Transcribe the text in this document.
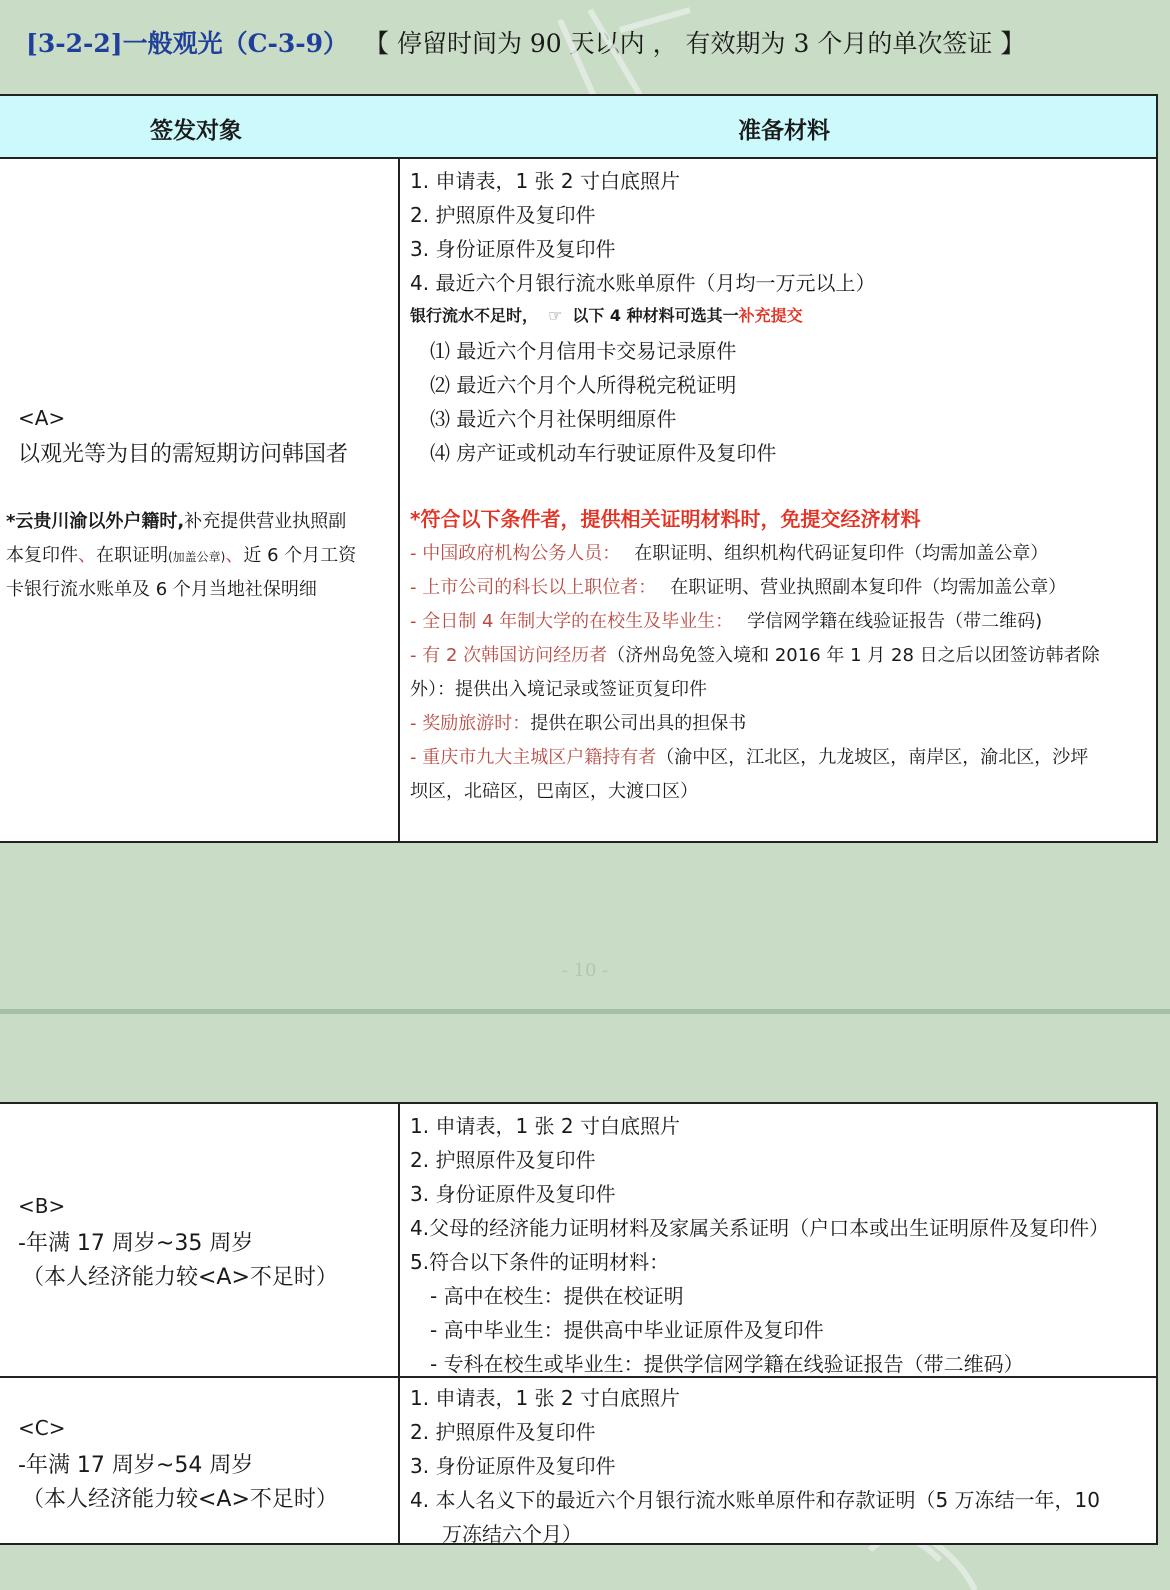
[3-2-2]一般观光（C-3-9） 【 停留时间为 90 天以内 ， 有效期为 3 个月的单次签证 】
签发对象	准备材料
<A>
以观光等为目的需短期访问韩国者
*云贵川渝以外户籍时,补充提供营业执照副
本复印件、在职证明(加盖公章)、近 6 个月工资
卡银行流水账单及 6 个月当地社保明细
1. 申请表，1 张 2 寸白底照片
2. 护照原件及复印件
3. 身份证原件及复印件
4. 最近六个月银行流水账单原件（月均一万元以上）
银行流水不足时， ☞ 以下 4 种材料可选其一补充提交
⑴ 最近六个月信用卡交易记录原件
⑵ 最近六个月个人所得税完税证明
⑶ 最近六个月社保明细原件
⑷ 房产证或机动车行驶证原件及复印件
*符合以下条件者，提供相关证明材料时，免提交经济材料
- 中国政府机构公务人员： 在职证明、组织机构代码证复印件（均需加盖公章）
- 上市公司的科长以上职位者： 在职证明、营业执照副本复印件（均需加盖公章）
- 全日制 4 年制大学的在校生及毕业生： 学信网学籍在线验证报告（带二维码)
- 有 2 次韩国访问经历者（济州岛免签入境和 2016 年 1 月 28 日之后以团签访韩者除
外）：提供出入境记录或签证页复印件
- 奖励旅游时：提供在职公司出具的担保书
- 重庆市九大主城区户籍持有者（渝中区，江北区，九龙坡区，南岸区，渝北区，沙坪
坝区，北碚区，巴南区，大渡口区）
- 10 -
<B>
-年满 17 周岁~35 周岁
（本人经济能力较<A>不足时）
1. 申请表，1 张 2 寸白底照片
2. 护照原件及复印件
3. 身份证原件及复印件
4.父母的经济能力证明材料及家属关系证明（户口本或出生证明原件及复印件）
5.符合以下条件的证明材料：
- 高中在校生：提供在校证明
- 高中毕业生：提供高中毕业证原件及复印件
- 专科在校生或毕业生：提供学信网学籍在线验证报告（带二维码）
<C>
-年满 17 周岁~54 周岁
（本人经济能力较<A>不足时）
1. 申请表，1 张 2 寸白底照片
2. 护照原件及复印件
3. 身份证原件及复印件
4. 本人名义下的最近六个月银行流水账单原件和存款证明（5 万冻结一年，10
万冻结六个月）
